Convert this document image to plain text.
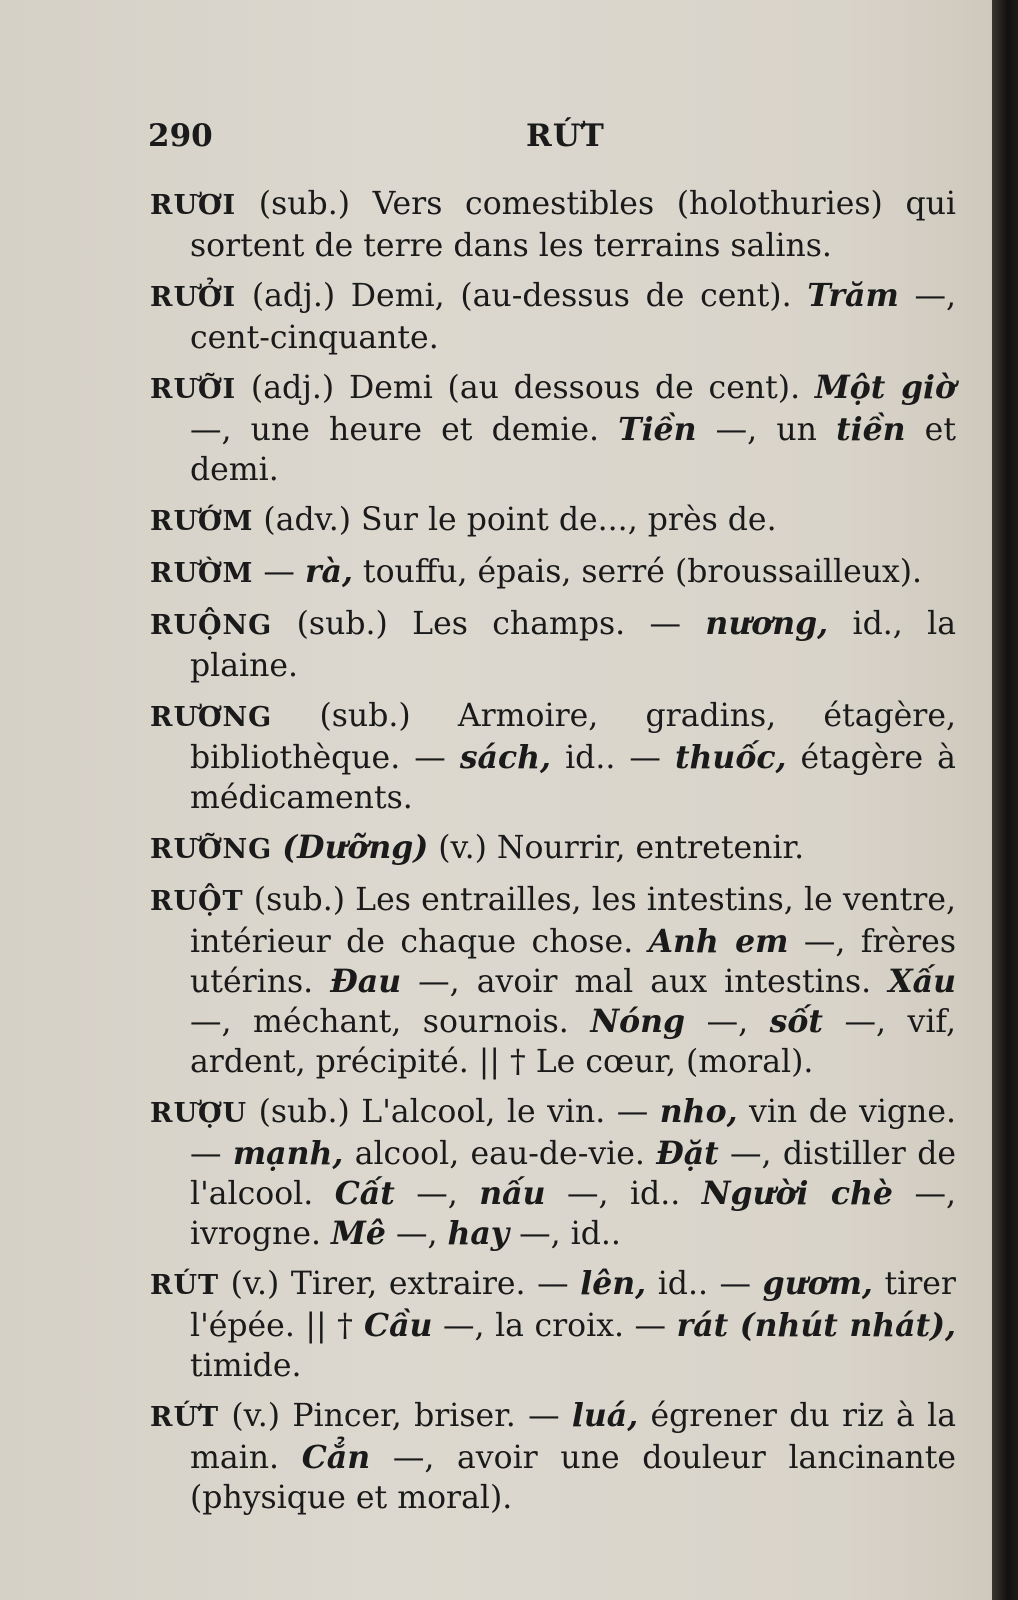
290	RỨT
RƯƠI (sub.) Vers comestibles (holothuries) qui sortent de terre dans les terrains salins.
RƯỞI (adj.) Demi, (au-dessus de cent). Trăm —, cent-cinquante.
RƯỠI (adj.) Demi (au dessous de cent). Một giờ —, une heure et demie. Tiền —, un tiền et demi.
RƯỚM (adv.) Sur le point de..., près de.
RƯỜM — rà, touffu, épais, serré (broussailleux).
RUỘNG (sub.) Les champs. — nương, id., la plaine.
RƯƠNG (sub.) Armoire, gradins, étagère, bibliothèque. — sách, id.. — thuốc, étagère à médicaments.
RƯỠNG (Dưỡng) (v.) Nourrir, entretenir.
RUỘT (sub.) Les entrailles, les intestins, le ventre, intérieur de chaque chose. Anh em —, frères utérins. Đau —, avoir mal aux intestins. Xấu —, méchant, sournois. Nóng —, sốt —, vif, ardent, précipité. || † Le cœur, (moral).
RƯỢU (sub.) L'alcool, le vin. — nho, vin de vigne. — mạnh, alcool, eau-de-vie. Đặt —, distiller de l'alcool. Cất —, nấu —, id.. Người chè —, ivrogne. Mê —, hay —, id..
RÚT (v.) Tirer, extraire. — lên, id.. — gươm, tirer l'épée. || † Cầu —, la croix. — rát (nhút nhát), timide.
RỨT (v.) Pincer, briser. — luá, égrener du riz à la main. Cẳn —, avoir une douleur lancinante (physique et moral).
